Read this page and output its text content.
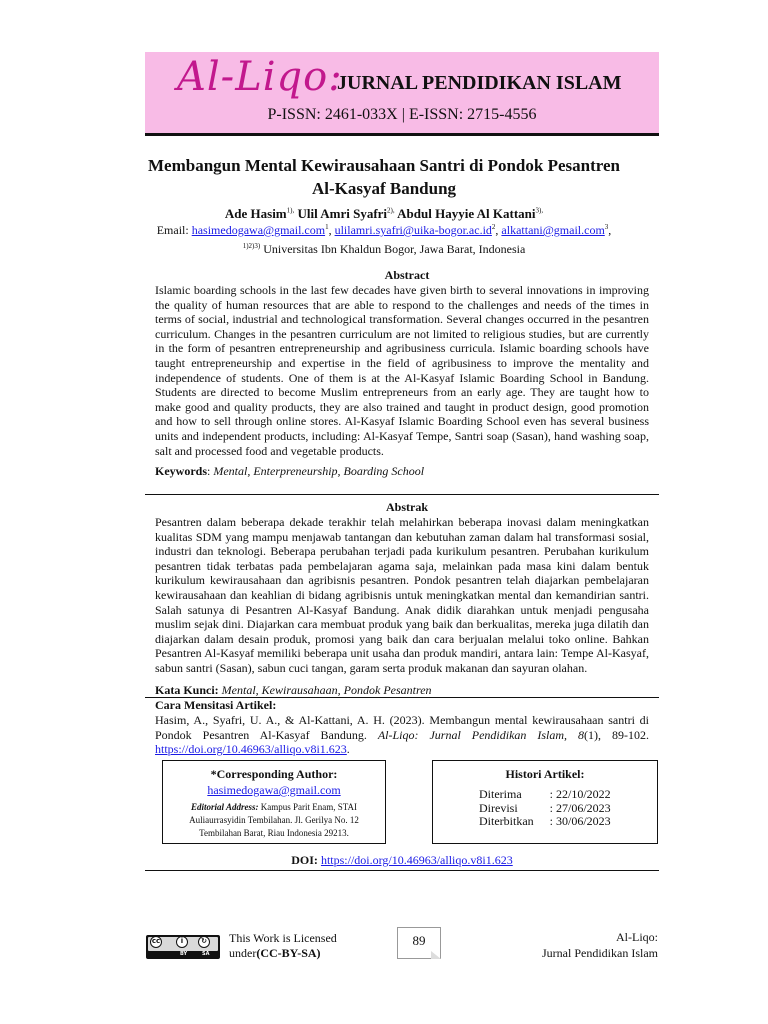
Al-Liqo:
JURNAL PENDIDIKAN ISLAM
P-ISSN: 2461-033X | E-ISSN: 2715-4556
Membangun Mental Kewirausahaan Santri di Pondok Pesantren
Al-Kasyaf Bandung
Ade Hasim$^{1),}$ Ulil Amri Syafri$^{2),}$ Abdul Hayyie Al Kattani$^{3),}$
Email: hasimedogawa@gmail.com$^1$, $ulilamri.syafri@uika-bogor.ac.id^2$, alkattani@gmail.com$^3$,
$^{1)2)3)}$ Universitas Ibn Khaldun Bogor, Jawa Barat, Indonesia
Abstract

Islamic boarding schools in the last few decades have given birth to several innovations in improving the quality of human resources that are able to respond to the challenges and needs of the times in terms of social, industrial and technological transformation. Several changes occurred in the pesantren curriculum. Changes in the pesantren curriculum are not limited to religious studies, but are currently in the form of pesantren entrepreneurship and agribusiness curricula. Islamic boarding schools have taught entrepreneurship and expertise in the field of agribusiness to improve the mentality and independence of students. One of them is at the Al-Kasyaf Islamic Boarding School in Bandung. Students are directed to become Muslim entrepreneurs from an early age. They are taught how to make good and quality products, they are also trained and taught in product design, good promotion and how to sell through online stores. Al-Kasyaf Islamic Boarding School even has several business units and independent products, including: Al-Kasyaf Tempe, Santri soap (Sasan), hand washing soap, salt and processed food and vegetable products.

Keywords: Mental, Enterpreneurship, Boarding School
Abstrak

Pesantren dalam beberapa dekade terakhir telah melahirkan beberapa inovasi dalam meningkatkan kualitas SDM yang mampu menjawab tantangan dan kebutuhan zaman dalam hal transformasi sosial, industri dan teknologi. Beberapa perubahan terjadi pada kurikulum pesantren. Perubahan kurikulum pesantren tidak terbatas pada pembelajaran agama saja, melainkan pada masa kini dalam bentuk kurikulum kewirausahaan dan agribisnis pesantren. Pondok pesantren telah diajarkan pembelajaran kewirausahaan dan keahlian di bidang agribisnis untuk meningkatkan mental dan kemandirian santri. Salah satunya di Pesantren Al-Kasyaf Bandung. Anak didik diarahkan untuk menjadi pengusaha muslim sejak dini. Diajarkan cara membuat produk yang baik dan berkualitas, mereka juga dilatih dan diajarkan dalam desain produk, promosi yang baik dan cara berjualan melalui toko online. Bahkan Pesantren Al-Kasyaf memiliki beberapa unit usaha dan produk mandiri, antara lain: Tempe Al-Kasyaf, sabun santri (Sasan), sabun cuci tangan, garam serta produk makanan dan sayuran olahan.

Kata Kunci: Mental, Kewirausahaan, Pondok Pesantren
Cara Mensitasi Artikel:
Hasim, A., Syafri, U. A., & Al-Kattani, A. H. (2023). Membangun mental kewirausahaan santri di Pondok Pesantren Al-Kasyaf Bandung. Al-Liqo: Jurnal Pendidikan Islam, 8(1), 89-102. https://doi.org/10.46963/alliqo.v8i1.623.
*Corresponding Author:
hasimedogawa@gmail.com
Editorial Address: Kampus Parit Enam, STAI Auliaurrasyidin Tembilahan. Jl. Gerilya No. 12 Tembilahan Barat, Riau Indonesia 29213.
Histori Artikel:
Diterima	: 22/10/2022
Direvisi	: 27/06/2023
Diterbitkan	: 30/06/2023
DOI: https://doi.org/10.46963/alliqo.v8i1.623
cc	i	↻
BY	SA
This Work is Licensed
under(CC-BY-SA)
89	Al-Liqo:
Jurnal Pendidikan Islam
